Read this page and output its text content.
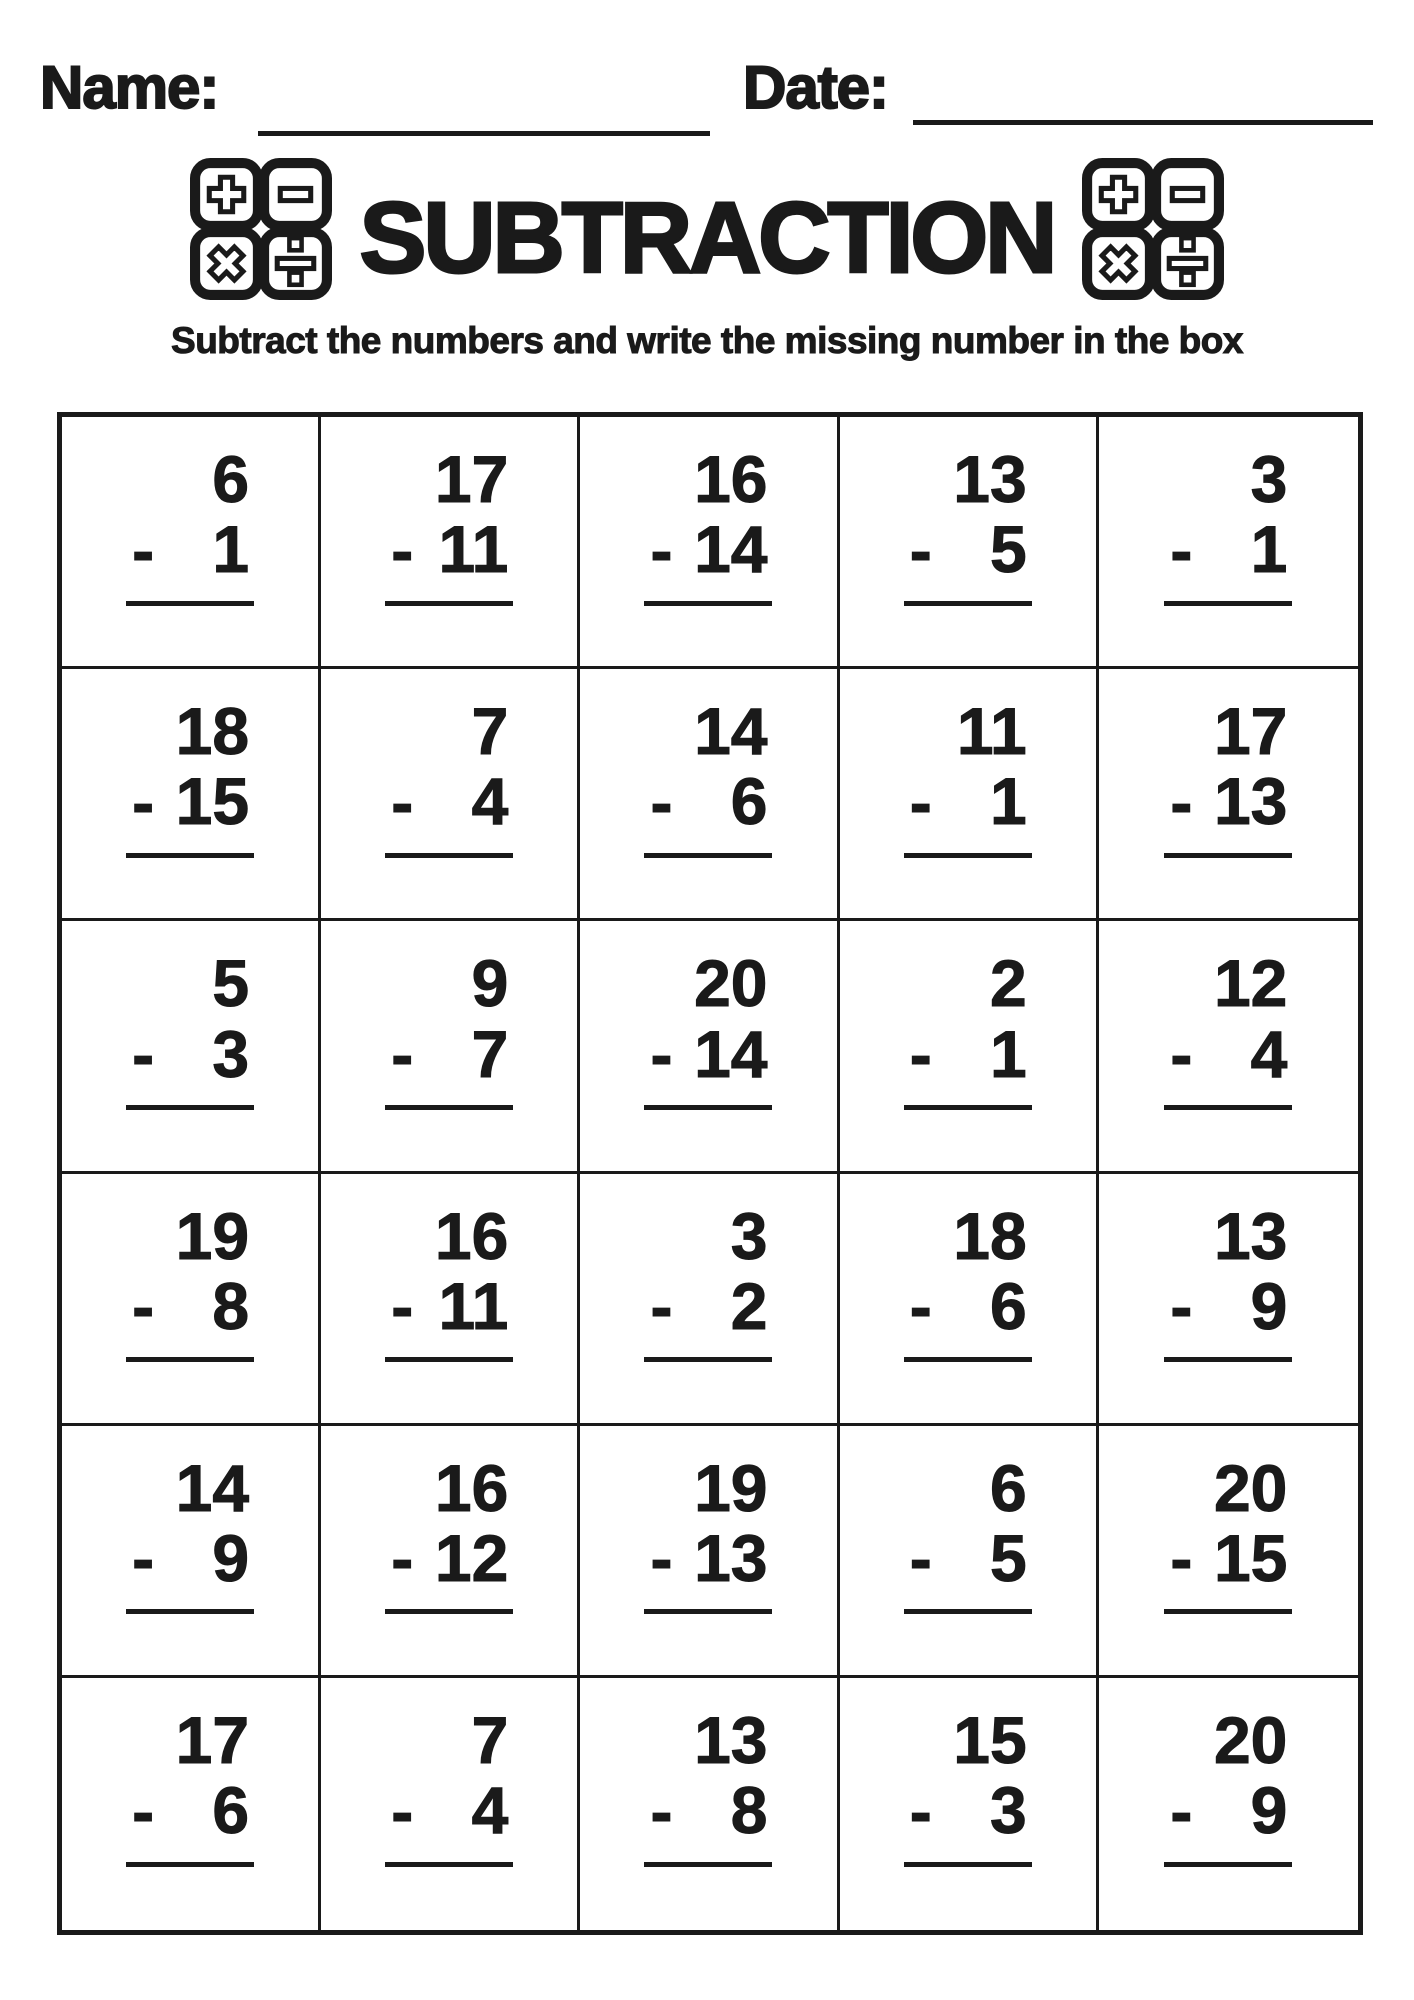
Name:	Date:
SUBTRACTION

Subtract the numbers and write the missing number in the box

6
- 1
17
- 11
16
- 14
13
- 5
3
- 1
18
- 15
7
- 4
14
- 6
11
- 1
17
- 13
5
- 3
9
- 7
20
- 14
2
- 1
12
- 4
19
- 8
16
- 11
3
- 2
18
- 6
13
- 9
14
- 9
16
- 12
19
- 13
6
- 5
20
- 15
17
- 6
7
- 4
13
- 8
15
- 3
20
- 9
